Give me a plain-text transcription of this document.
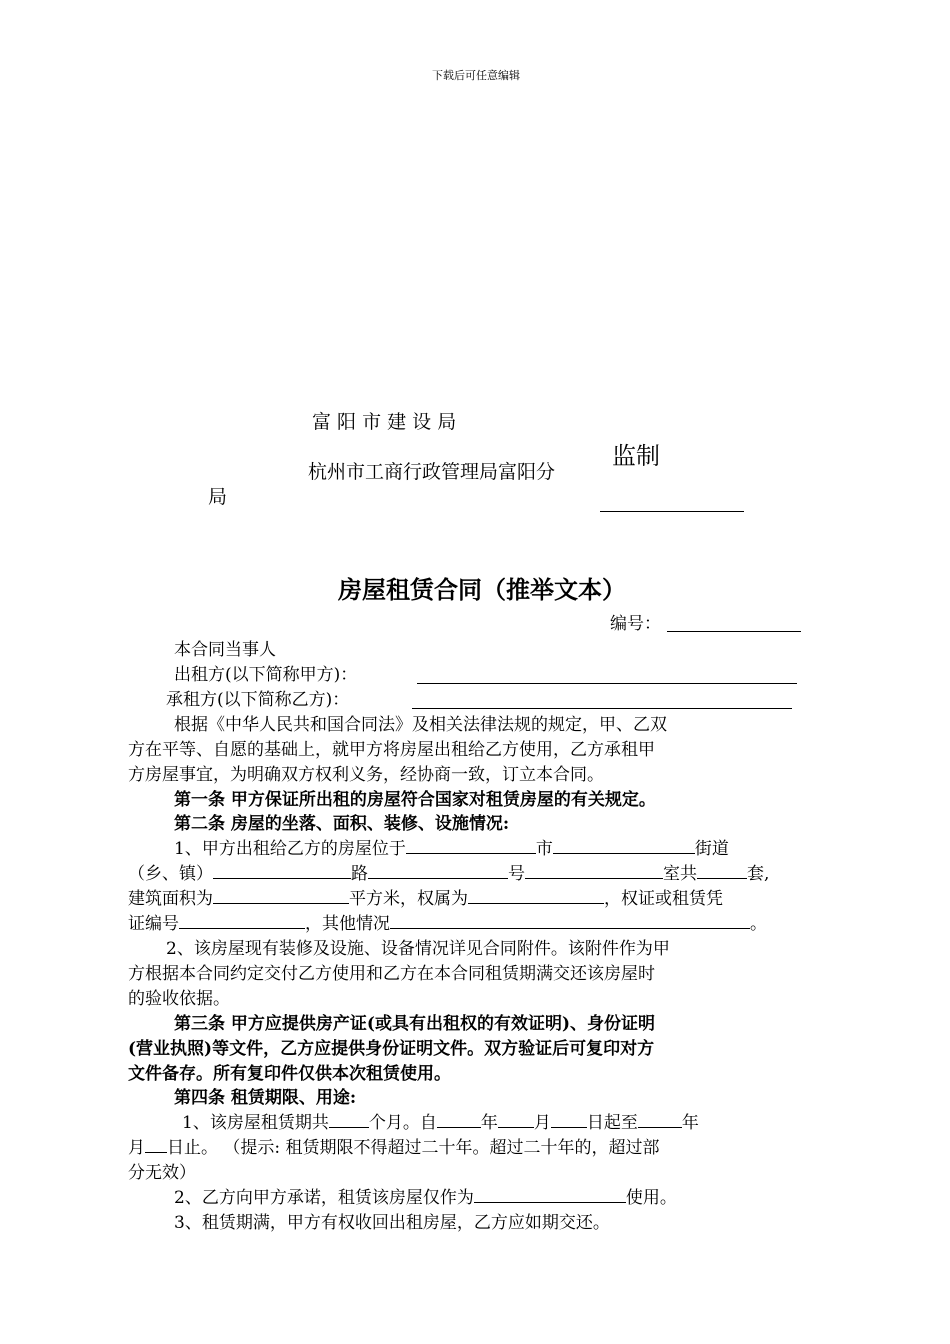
下载后可任意编辑
富 阳 市 建 设 局
杭州市工商行政管理局富阳分
局
监制
房屋租赁合同（推举文本）
编号：
本合同当事人
出租方(以下简称甲方)：
承租方(以下简称乙方)：
根据《中华人民共和国合同法》及相关法律法规的规定，甲、乙双
方在平等、自愿的基础上，就甲方将房屋出租给乙方使用，乙方承租甲
方房屋事宜，为明确双方权利义务，经协商一致，订立本合同。
第一条 甲方保证所出租的房屋符合国家对租赁房屋的有关规定。
第二条 房屋的坐落、面积、装修、设施情况:
1、甲方出租给乙方的房屋位于	市	街道
（乡、镇）	路	号	室共	套,
建筑面积为	平方米，权属为	，权证或租赁凭
证编号	，其他情况	。
2、该房屋现有装修及设施、设备情况详见合同附件。该附件作为甲
方根据本合同约定交付乙方使用和乙方在本合同租赁期满交还该房屋时
的验收依据。
第三条 甲方应提供房产证(或具有出租权的有效证明)、身份证明
(营业执照)等文件，乙方应提供身份证明文件。双方验证后可复印对方
文件备存。所有复印件仅供本次租赁使用。
第四条 租赁期限、用途:
1、该房屋租赁期共 个月。自	年 月 日起至	年
月 日止。 （提示: 租赁期限不得超过二十年。超过二十年的，超过部
分无效）
2、乙方向甲方承诺，租赁该房屋仅作为	使用。
3、租赁期满，甲方有权收回出租房屋，乙方应如期交还。
